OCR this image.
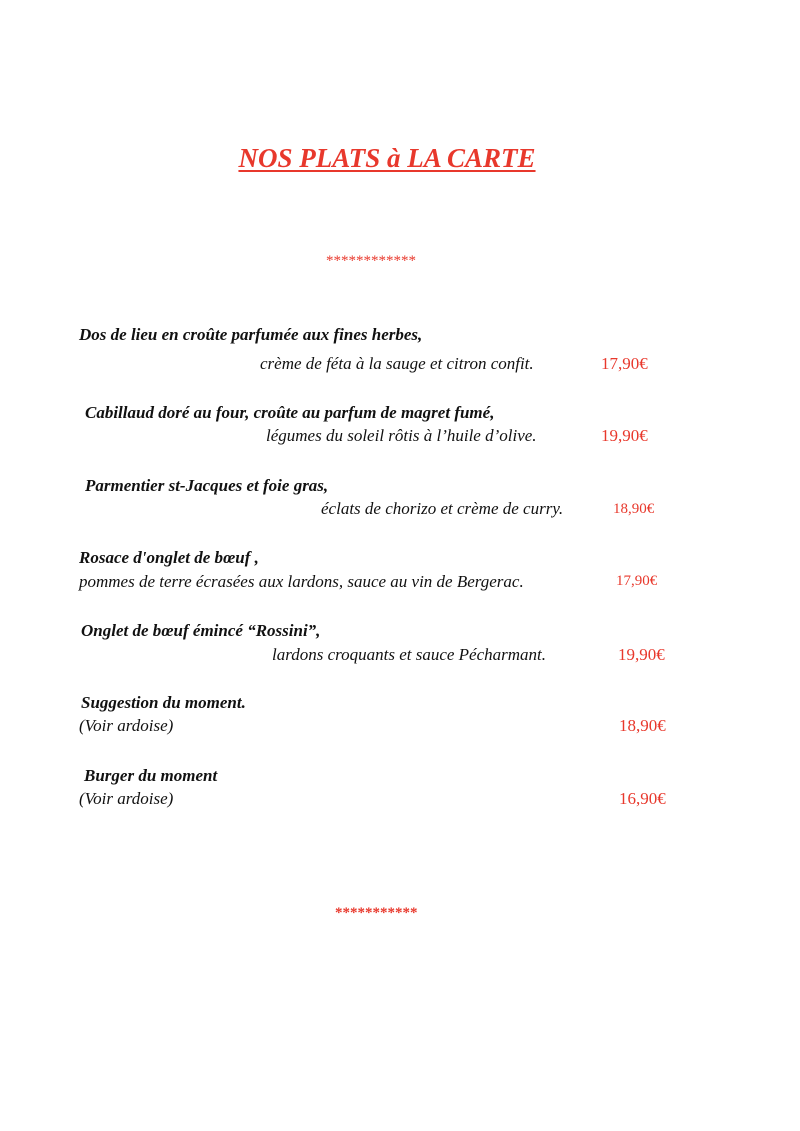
NOS PLATS à LA CARTE
************
Dos de lieu en croûte parfumée aux fines herbes,
crème de féta à la sauge et citron confit.	17,90€
Cabillaud doré au four, croûte au parfum de magret fumé,
légumes du soleil rôtis à l’huile d’olive.	19,90€
Parmentier st-Jacques et foie gras,
éclats de chorizo et crème de curry.	18,90€
Rosace d'onglet de bœuf ,
pommes de terre écrasées aux lardons, sauce au vin de Bergerac.	17,90€
Onglet de bœuf émincé “Rossini”,
lardons croquants et sauce Pécharmant.	19,90€
Suggestion du moment.
(Voir ardoise)	18,90€
Burger du moment
(Voir ardoise)	16,90€
***********
